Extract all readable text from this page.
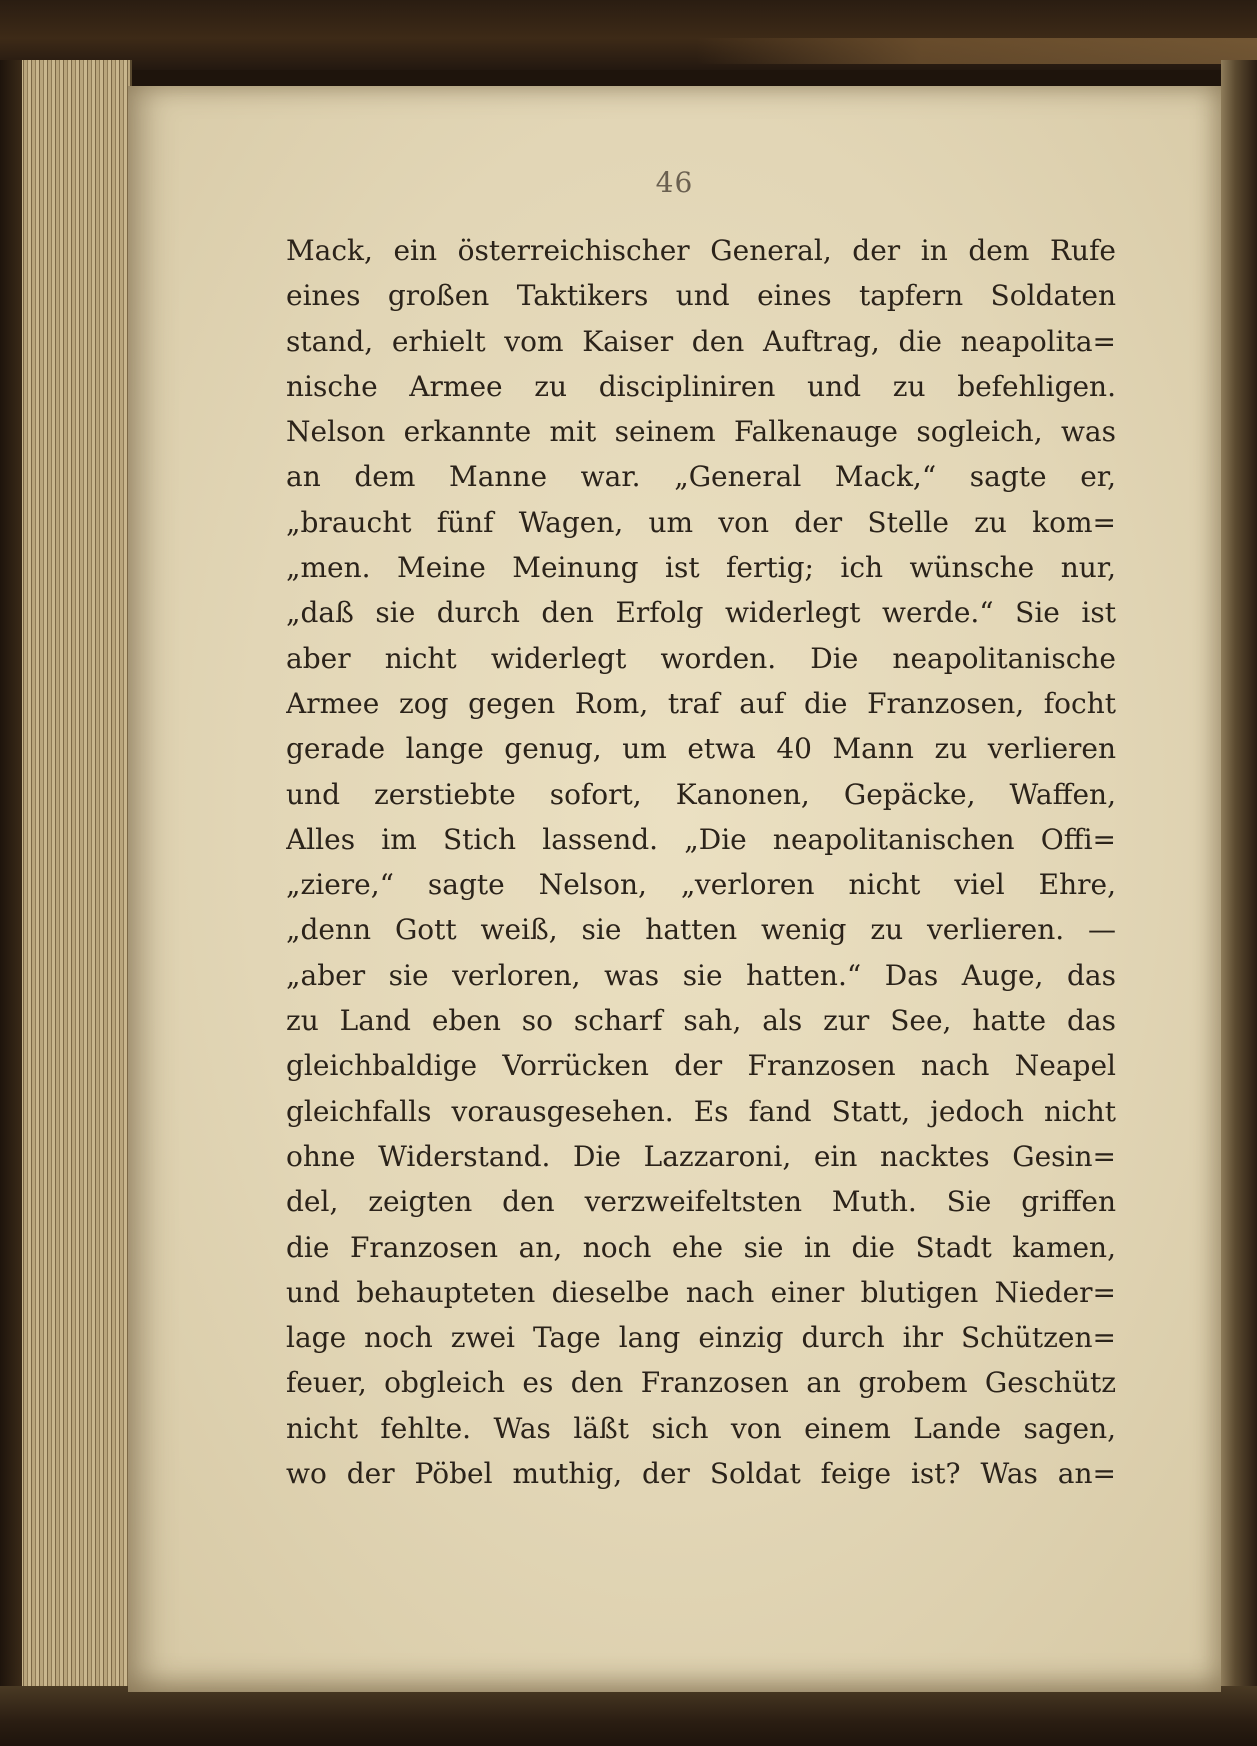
46
Mack, ein österreichischer General, der in dem Rufe
eines großen Taktikers und eines tapfern Soldaten
stand, erhielt vom Kaiser den Auftrag, die neapolita=
nische Armee zu discipliniren und zu befehligen.
Nelson erkannte mit seinem Falkenauge sogleich, was
an dem Manne war. „General Mack,“ sagte er,
„braucht fünf Wagen, um von der Stelle zu kom=
„men. Meine Meinung ist fertig; ich wünsche nur,
„daß sie durch den Erfolg widerlegt werde.“ Sie ist
aber nicht widerlegt worden. Die neapolitanische
Armee zog gegen Rom, traf auf die Franzosen, focht
gerade lange genug, um etwa 40 Mann zu verlieren
und zerstiebte sofort, Kanonen, Gepäcke, Waffen,
Alles im Stich lassend. „Die neapolitanischen Offi=
„ziere,“ sagte Nelson, „verloren nicht viel Ehre,
„denn Gott weiß, sie hatten wenig zu verlieren. —
„aber sie verloren, was sie hatten.“ Das Auge, das
zu Land eben so scharf sah, als zur See, hatte das
gleichbaldige Vorrücken der Franzosen nach Neapel
gleichfalls vorausgesehen. Es fand Statt, jedoch nicht
ohne Widerstand. Die Lazzaroni, ein nacktes Gesin=
del, zeigten den verzweifeltsten Muth. Sie griffen
die Franzosen an, noch ehe sie in die Stadt kamen,
und behaupteten dieselbe nach einer blutigen Nieder=
lage noch zwei Tage lang einzig durch ihr Schützen=
feuer, obgleich es den Franzosen an grobem Geschütz
nicht fehlte. Was läßt sich von einem Lande sagen,
wo der Pöbel muthig, der Soldat feige ist? Was an=
